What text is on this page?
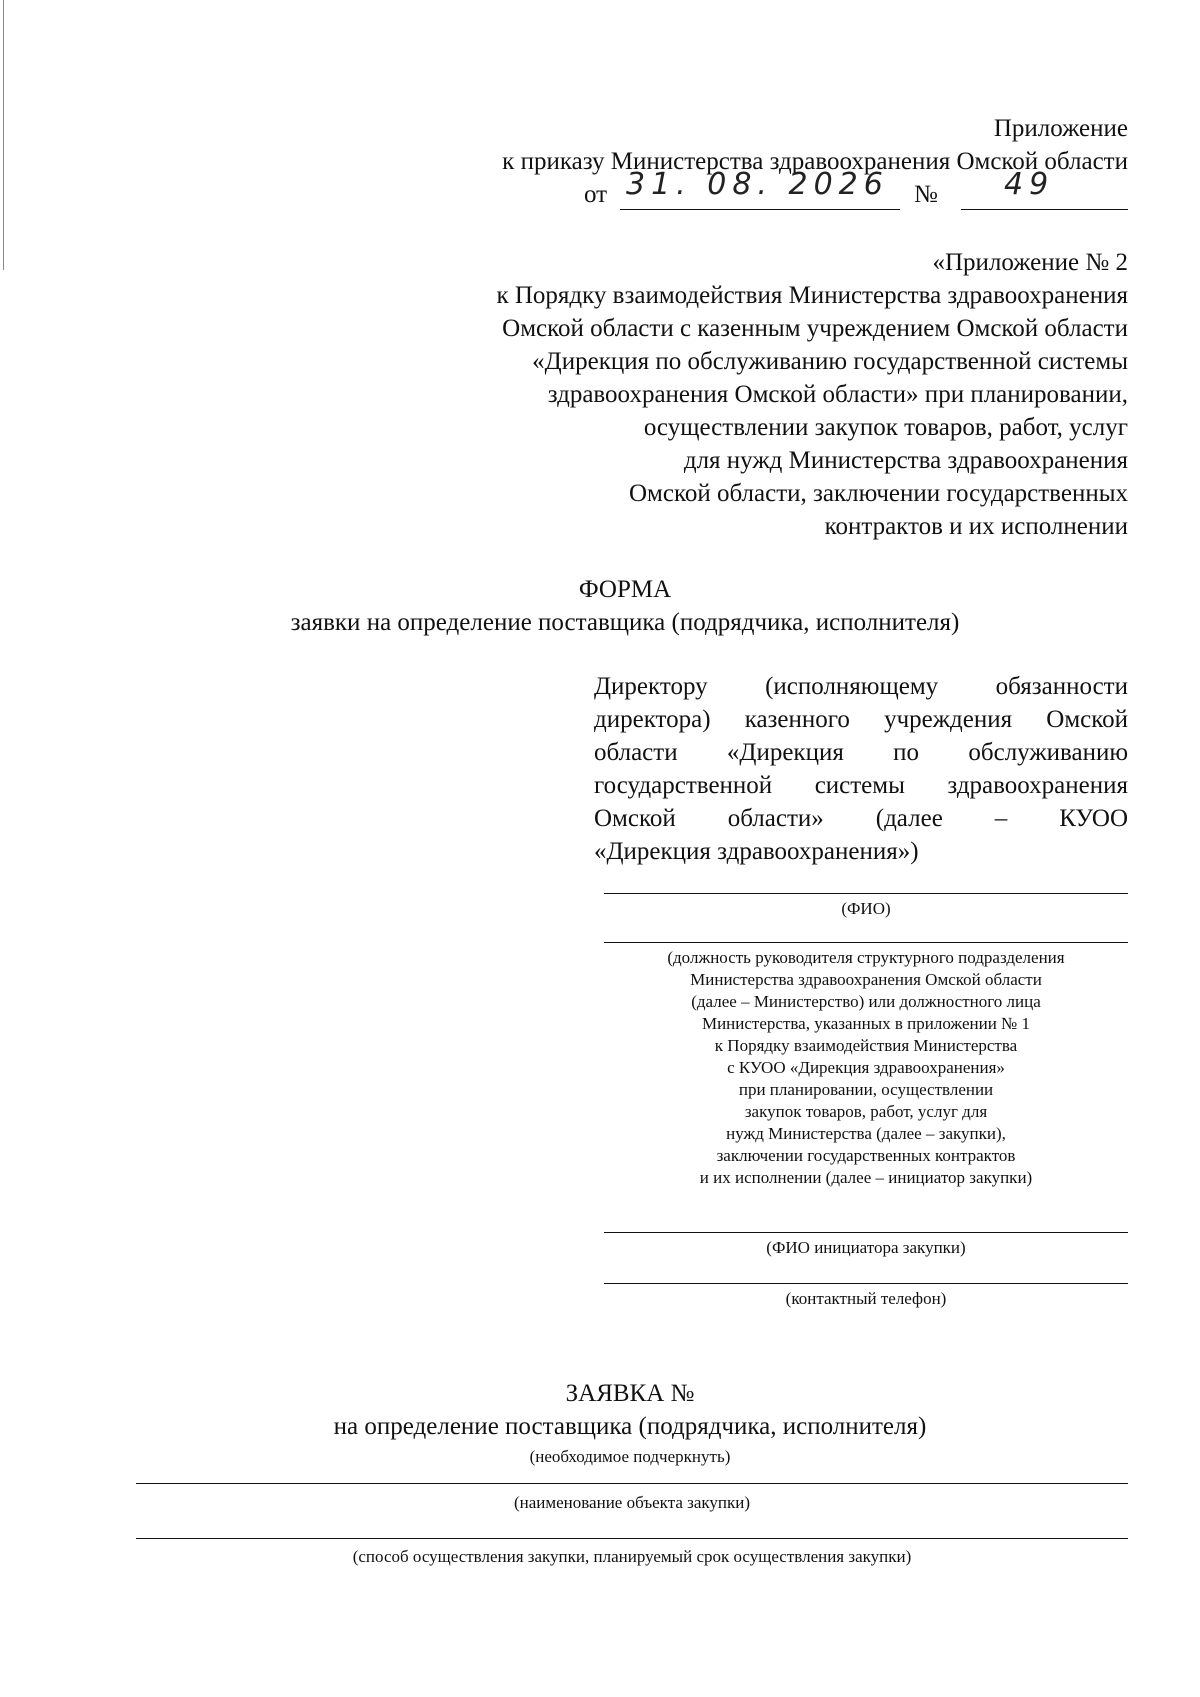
Приложение
к приказу Министерства здравоохранения Омской области
от 31. 08. 2026 № 49
«Приложение № 2
к Порядку взаимодействия Министерства здравоохранения
Омской области с казенным учреждением Омской области
«Дирекция по обслуживанию государственной системы
здравоохранения Омской области» при планировании,
осуществлении закупок товаров, работ, услуг
для нужд Министерства здравоохранения
Омской области, заключении государственных
контрактов и их исполнении
ФОРМА
заявки на определение поставщика (подрядчика, исполнителя)
Директору (исполняющему обязанности
директора) казенного учреждения Омской
области «Дирекция по обслуживанию
государственной системы здравоохранения
Омской области» (далее – КУОО
«Дирекция здравоохранения»)
(ФИО)
(должность руководителя структурного подразделения
Министерства здравоохранения Омской области
(далее – Министерство) или должностного лица
Министерства, указанных в приложении № 1
к Порядку взаимодействия Министерства
с КУОО «Дирекция здравоохранения»
при планировании, осуществлении
закупок товаров, работ, услуг для
нужд Министерства (далее – закупки),
заключении государственных контрактов
и их исполнении (далее – инициатор закупки)
(ФИО инициатора закупки)
(контактный телефон)
ЗАЯВКА №
на определение поставщика (подрядчика, исполнителя)
(необходимое подчеркнуть)
(наименование объекта закупки)
(способ осуществления закупки, планируемый срок осуществления закупки)
